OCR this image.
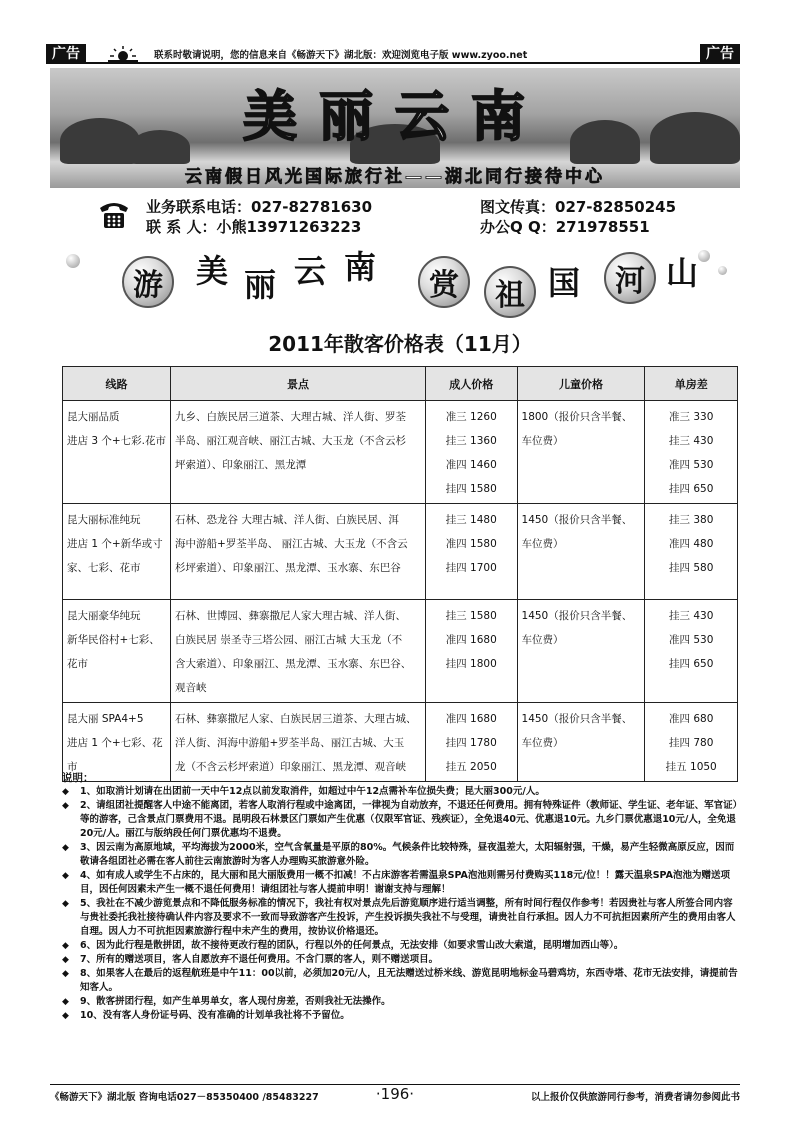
广告	联系时敬请说明，您的信息来自《畅游天下》湖北版：欢迎浏览电子版 www.zyoo.net	广告
美丽云南
云南假日风光国际旅行社——湖北同行接待中心
业务联系电话：027-82781630	图文传真：027-82850245
联 系 人：小熊13971263223	办公Q Q：271978551
游	美 丽 云 南	赏	祖 国	河 山
2011年散客价格表（11月）
线路	景点	成人价格	儿童价格	单房差

昆大丽品质
进店 3 个+七彩.花市	九乡、白族民居三道茶、大理古城、洋人街、罗荃
半岛、丽江观音峡、丽江古城、大玉龙（不含云杉
坪索道）、印象丽江、黑龙潭	准三 1260
挂三 1360
准四 1460
挂四 1580	1800（报价只含半餐、
车位费）	准三 330
挂三 430
准四 530
挂四 650

昆大丽标准纯玩
进店 1 个+新华或寸
家、七彩、花市	石林、恐龙谷 大理古城、洋人街、白族民居、洱
海中游船+罗荃半岛、 丽江古城、大玉龙（不含云
杉坪索道）、印象丽江、黑龙潭、玉水寨、东巴谷	挂三 1480
准四 1580
挂四 1700	1450（报价只含半餐、
车位费）	挂三 380
准四 480
挂四 580

昆大丽豪华纯玩
新华民俗村+七彩、
花市	石林、世博园、彝寨撒尼人家大理古城、洋人街、
白族民居 崇圣寺三塔公园、丽江古城 大玉龙（不
含大索道）、印象丽江、黑龙潭、玉水寨、东巴谷、
观音峡	挂三 1580
准四 1680
挂四 1800	1450（报价只含半餐、
车位费）	挂三 430
准四 530
挂四 650

昆大丽 SPA4+5
进店 1 个+七彩、花
市	石林、彝寨撒尼人家、白族民居三道茶、大理古城、
洋人街、洱海中游船+罗荃半岛、丽江古城、大玉
龙（不含云杉坪索道）印象丽江、黑龙潭、观音峡	准四 1680
挂四 1780
挂五 2050	1450（报价只含半餐、
车位费）	准四 680
挂四 780
挂五 1050
说明：
◆	1、如取消计划请在出团前一天中午12点以前发取消件，如超过中午12点需补车位损失费；昆大丽300元/人。
◆	2、请组团社提醒客人中途不能离团，若客人取消行程或中途离团，一律视为自动放弃，不退还任何费用。拥有特殊证件（教师证、学生证、老年证、军官证）等的游客，己含景点门票费用不退。昆明段石林景区门票如产生优惠（仅限军官证、残疾证），全免退40元、优惠退10元。九乡门票优惠退10元/人，全免退20元/人。丽江与版纳段任何门票优惠均不退费。
◆	3、因云南为高原地域，平均海拔为2000米，空气含氧量是平原的80%。气候条件比较特殊，昼夜温差大，太阳辐射强，干燥，易产生轻微高原反应，因而敬请各组团社必需在客人前往云南旅游时为客人办理购买旅游意外险。
◆	4、如有成人或学生不占床的，昆大丽和昆大丽版费用一概不扣减！不占床游客若需温泉SPA泡池则需另付费购买118元/位！！露天温泉SPA泡池为赠送项目，因任何因素未产生一概不退任何费用！请组团社与客人提前申明！谢谢支持与理解！
◆	5、我社在不减少游览景点和不降低服务标准的情况下，我社有权对景点先后游览顺序进行适当调整，所有时间行程仅作参考！若因贵社与客人所签合同内容与贵社委托我社接待确认件内容及要求不一致而导致游客产生投诉，产生投诉损失我社不与受理，请贵社自行承担。因人力不可抗拒因素所产生的费用由客人自理。因人力不可抗拒因素旅游行程中未产生的费用，按协议价格退还。
◆	6、因为此行程是散拼团，故不接待更改行程的团队，行程以外的任何景点，无法安排（如要求雪山改大索道，昆明增加西山等）。
◆	7、所有的赠送项目，客人自愿放弃不退任何费用。不含门票的客人，则不赠送项目。
◆	8、如果客人在最后的返程航班是中午11：00以前，必须加20元/人，且无法赠送过桥米线、游览昆明地标金马碧鸡坊，东西寺塔、花市无法安排，请提前告知客人。
◆	9、散客拼团行程，如产生单男单女，客人现付房差，否则我社无法操作。
◆	10、没有客人身份证号码、没有准确的计划单我社将不予留位。
《畅游天下》湖北版 咨询电话027－85350400 /85483227	·196·	以上报价仅供旅游同行参考，消费者请勿参阅此书
